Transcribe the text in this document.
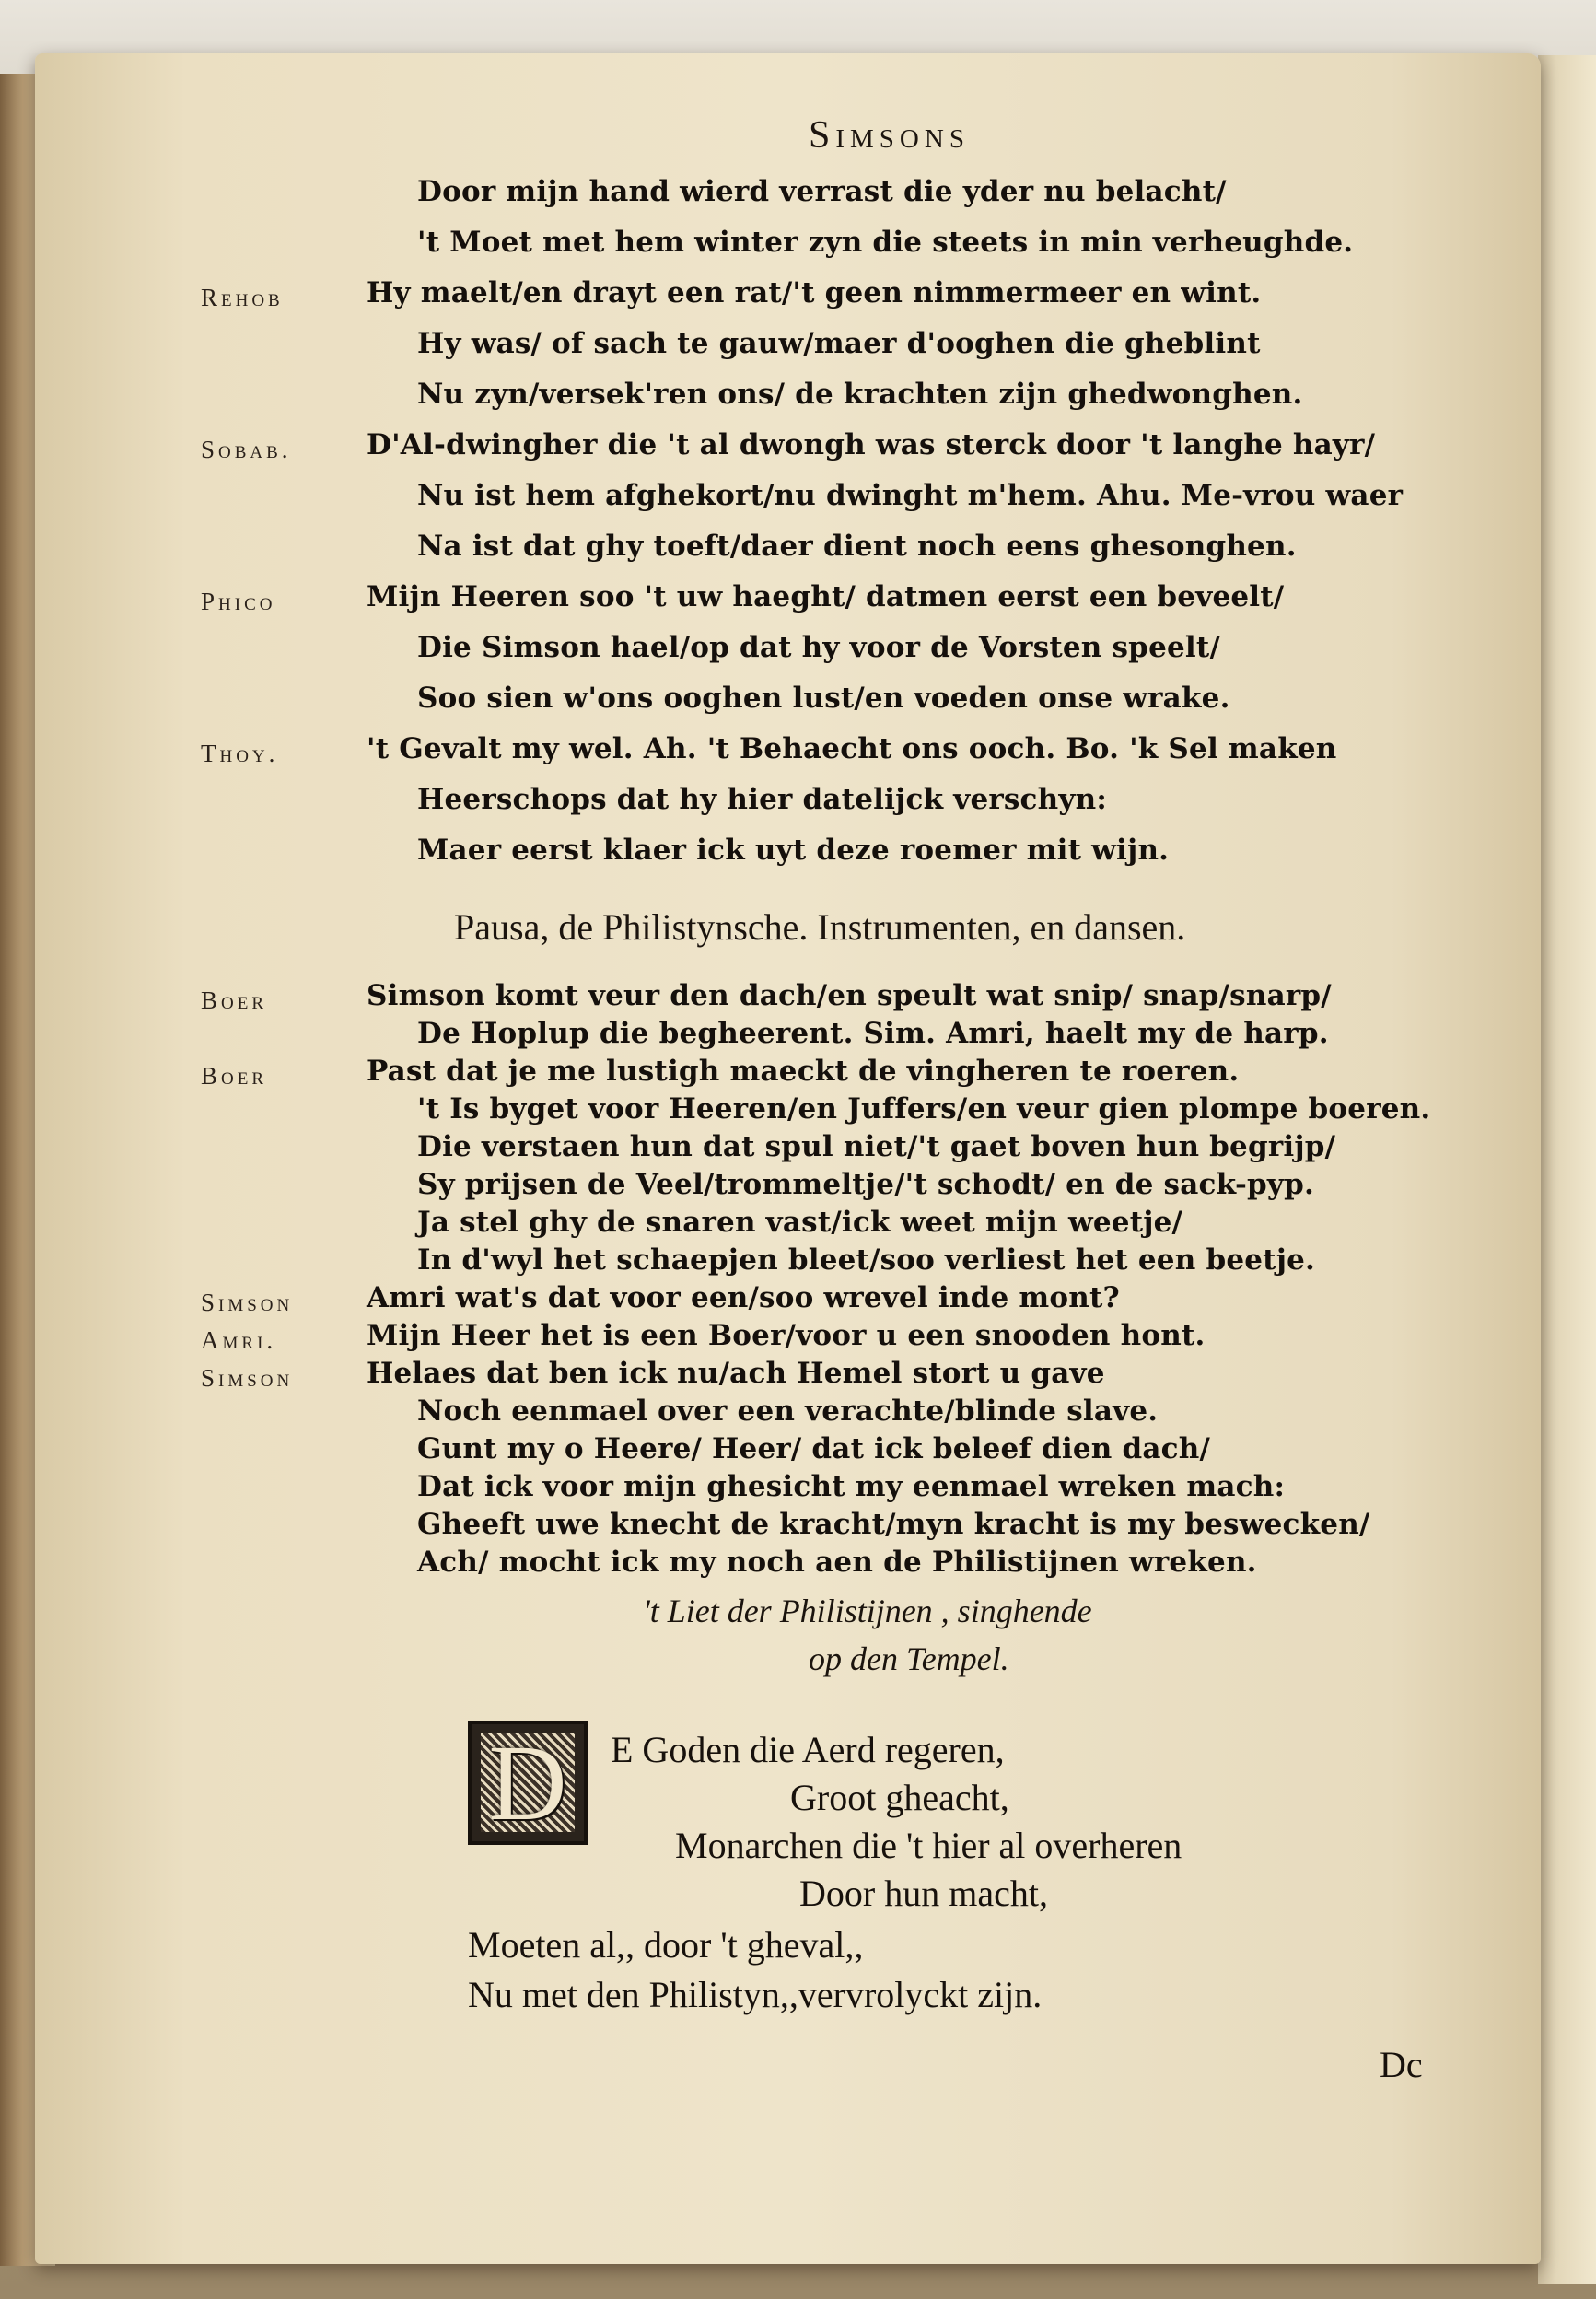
Simsons
Door mijn hand wierd verrast die yder nu belacht/
't Moet met hem winter zyn die steets in min verheughde.
Rehob	Hy maelt/en drayt een rat/'t geen nimmermeer en wint.
Hy was/ of sach te gauw/maer d'ooghen die gheblint
Nu zyn/versek'ren ons/ de krachten zijn ghedwonghen.
Sobab.	D'Al-dwingher die 't al dwongh was sterck door 't langhe hayr/
Nu ist hem afghekort/nu dwinght m'hem. Ahu. Me-vrou waer
Na ist dat ghy toeft/daer dient noch eens ghesonghen.
Phico	Mijn Heeren soo 't uw haeght/ datmen eerst een beveelt/
Die Simson hael/op dat hy voor de Vorsten speelt/
Soo sien w'ons ooghen lust/en voeden onse wrake.
Thoy.	't Gevalt my wel. Ah. 't Behaecht ons ooch. Bo. 'k Sel maken
Heerschops dat hy hier datelijck verschyn:
Maer eerst klaer ick uyt deze roemer mit wijn.
Pausa, de Philistynsche. Instrumenten, en dansen.
Boer	Simson komt veur den dach/en speult wat snip/ snap/snarp/
De Hoplup die begheerent. Sim. Amri, haelt my de harp.
Boer	Past dat je me lustigh maeckt de vingheren te roeren.
't Is byget voor Heeren/en Juffers/en veur gien plompe boeren.
Die verstaen hun dat spul niet/'t gaet boven hun begrijp/
Sy prijsen de Veel/trommeltje/'t schodt/ en de sack-pyp.
Ja stel ghy de snaren vast/ick weet mijn weetje/
In d'wyl het schaepjen bleet/soo verliest het een beetje.
Simson	Amri wat's dat voor een/soo wrevel inde mont?
Amri.	Mijn Heer het is een Boer/voor u een snooden hont.
Simson	Helaes dat ben ick nu/ach Hemel stort u gave
Noch eenmael over een verachte/blinde slave.
Gunt my o Heere/ Heer/ dat ick beleef dien dach/
Dat ick voor mijn ghesicht my eenmael wreken mach:
Gheeft uwe knecht de kracht/myn kracht is my beswecken/
Ach/ mocht ick my noch aen de Philistijnen wreken.
't Liet der Philistijnen , singhende
op den Tempel.
D	E Goden die Aerd regeren,
Groot gheacht,
Monarchen die 't hier al overheren
Door hun macht,
Moeten al,, door 't gheval,,
Nu met den Philistyn,,vervrolyckt zijn.
Dc
